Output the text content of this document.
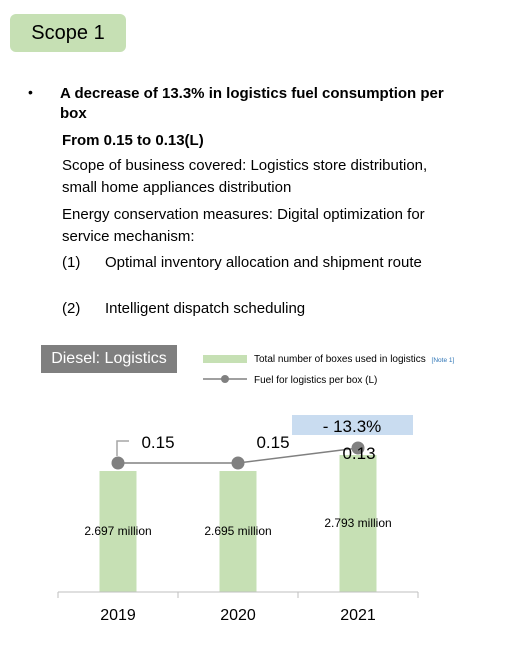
Scope 1
• A decrease of 13.3% in logistics fuel consumption per box
From 0.15 to 0.13(L)
Scope of business covered: Logistics store distribution, small home appliances distribution
Energy conservation measures: Digital optimization for service mechanism:
(1) Optimal inventory allocation and shipment route
(2) Intelligent dispatch scheduling
Diesel: Logistics	Total number of boxes used in logistics [Note 1]
Fuel for logistics per box (L)
- 13.3%
2.697 million	2.695 million
2.793 million
0.15	0.15
0.13
2019	2020	2021
